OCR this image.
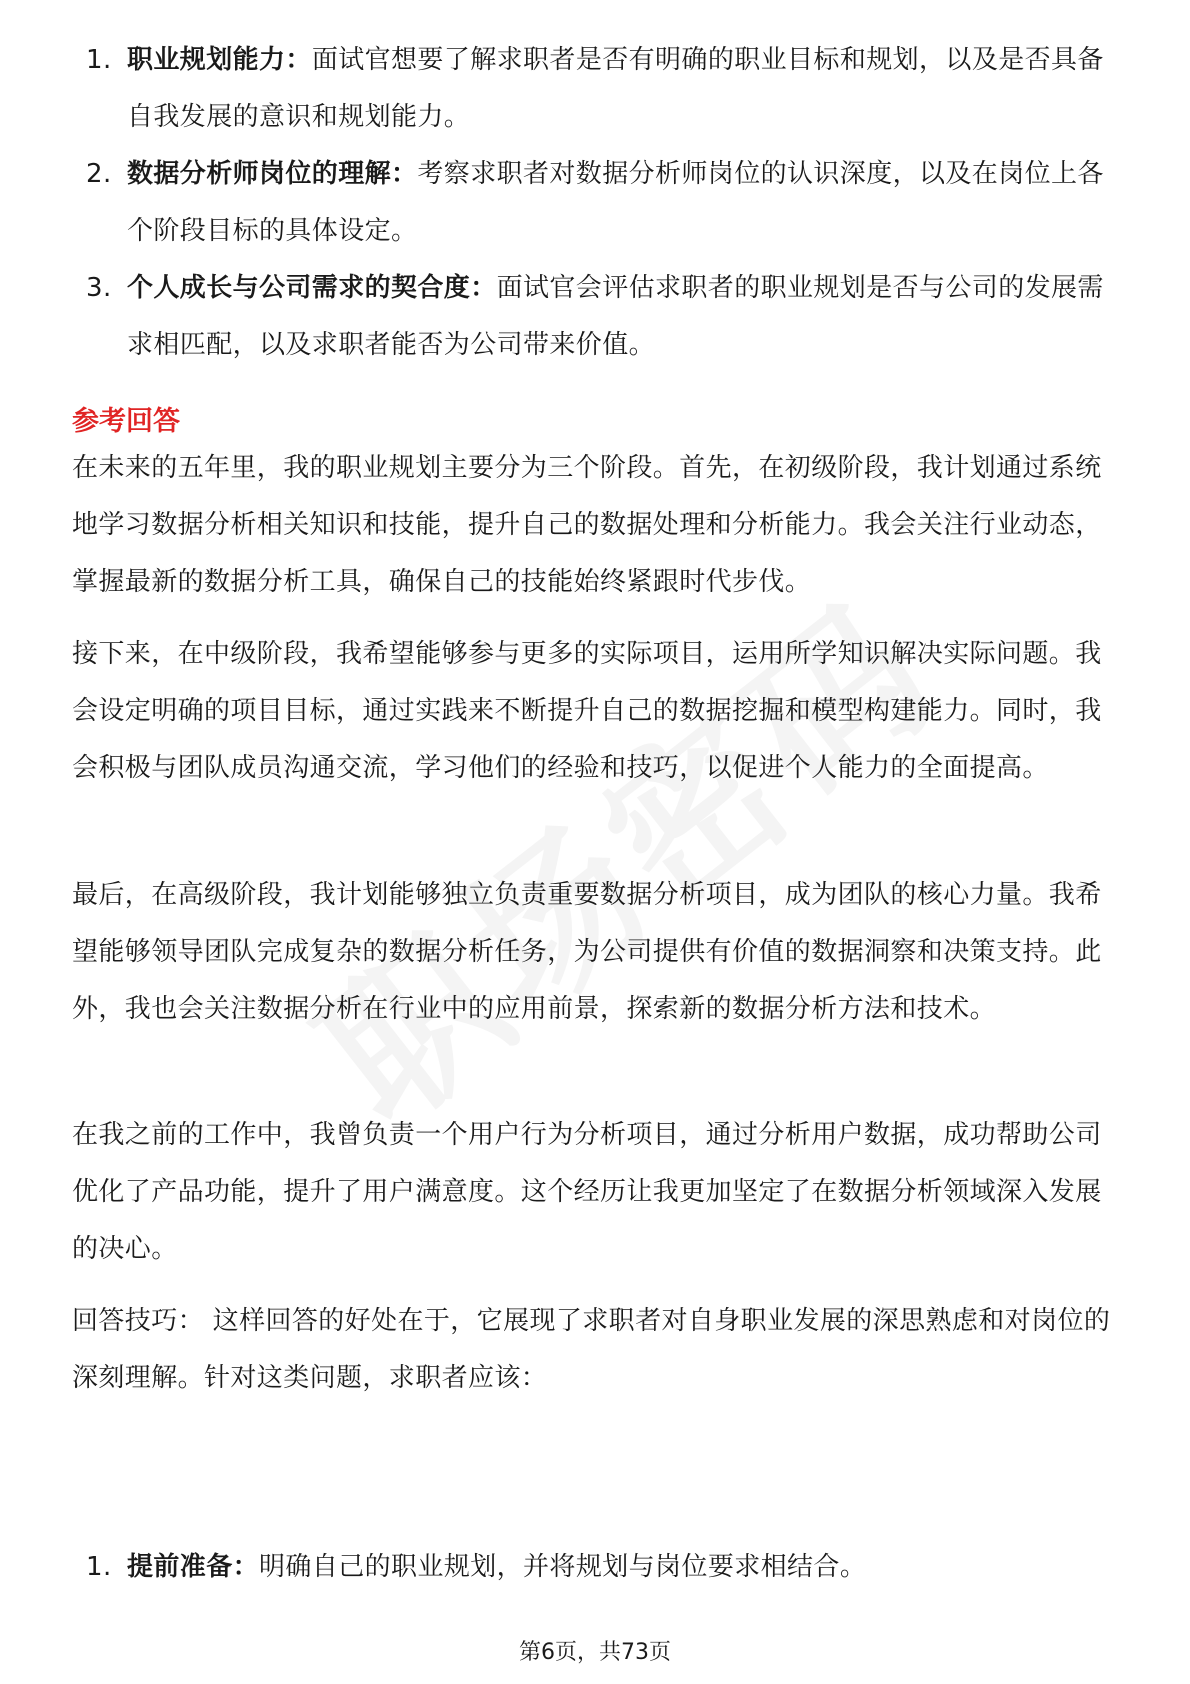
1. 职业规划能力：面试官想要了解求职者是否有明确的职业目标和规划，以及是否具备自我发展的意识和规划能力。
2. 数据分析师岗位的理解：考察求职者对数据分析师岗位的认识深度，以及在岗位上各个阶段目标的具体设定。
3. 个人成长与公司需求的契合度：面试官会评估求职者的职业规划是否与公司的发展需求相匹配，以及求职者能否为公司带来价值。
参考回答

在未来的五年里，我的职业规划主要分为三个阶段。首先，在初级阶段，我计划通过系统地学习数据分析相关知识和技能，提升自己的数据处理和分析能力。我会关注行业动态，掌握最新的数据分析工具，确保自己的技能始终紧跟时代步伐。

接下来，在中级阶段，我希望能够参与更多的实际项目，运用所学知识解决实际问题。我会设定明确的项目目标，通过实践来不断提升自己的数据挖掘和模型构建能力。同时，我会积极与团队成员沟通交流，学习他们的经验和技巧，以促进个人能力的全面提高。

最后，在高级阶段，我计划能够独立负责重要数据分析项目，成为团队的核心力量。我希望能够领导团队完成复杂的数据分析任务，为公司提供有价值的数据洞察和决策支持。此外，我也会关注数据分析在行业中的应用前景，探索新的数据分析方法和技术。

在我之前的工作中，我曾负责一个用户行为分析项目，通过分析用户数据，成功帮助公司优化了产品功能，提升了用户满意度。这个经历让我更加坚定了在数据分析领域深入发展的决心。

回答技巧： 这样回答的好处在于，它展现了求职者对自身职业发展的深思熟虑和对岗位的深刻理解。针对这类问题，求职者应该：

1. 提前准备：明确自己的职业规划，并将规划与岗位要求相结合。
第6页，共73页
